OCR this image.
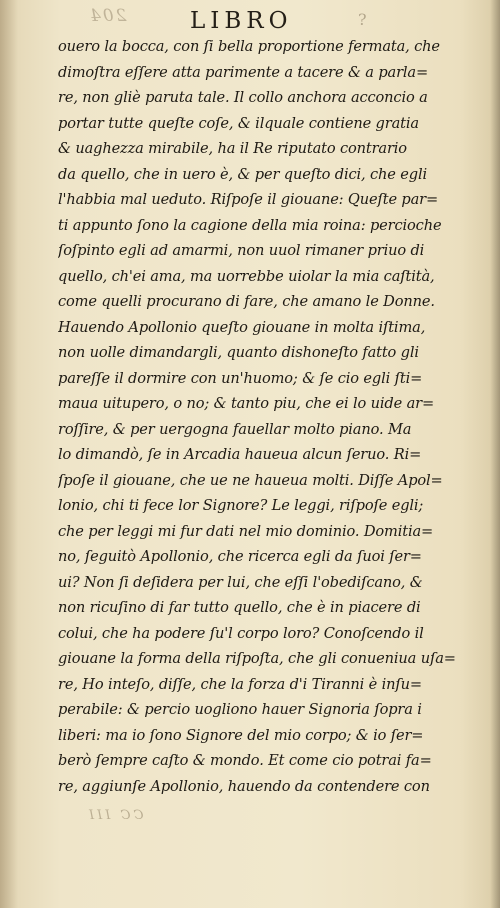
204	LIBRO	?
ouero la bocca, con ſi bella proportione fermata, che
dimoſtra eſſere atta parimente a tacere & a parla=
re, non gliè paruta tale. Il collo anchora acconcio a
portar tutte queſte coſe, & ilquale contiene gratia
& uaghezza mirabile, ha il Re riputato contrario
da quello, che in uero è, & per queſto dici, che egli
l'habbia mal ueduto. Riſpoſe il giouane: Queſte par=
ti appunto ſono la cagione della mia roina: percioche
ſoſpinto egli ad amarmi, non uuol rimaner priuo di
quello, ch'ei ama, ma uorrebbe uiolar la mia caſtità,
come quelli procurano di fare, che amano le Donne.
Hauendo Apollonio queſto giouane in molta iſtima,
non uolle dimandargli, quanto dishoneſto fatto gli
pareſſe il dormire con un'huomo; & ſe cio egli ſti=
maua uitupero, o no; & tanto piu, che ei lo uide ar=
roſſire, & per uergogna fauellar molto piano. Ma
lo dimandò, ſe in Arcadia haueua alcun ſeruo. Ri=
ſpoſe il giouane, che ue ne haueua molti. Diſſe Apol=
lonio, chi ti fece lor Signore? Le leggi, riſpoſe egli;
che per leggi mi fur dati nel mio dominio. Domitia=
no, ſeguitò Apollonio, che ricerca egli da ſuoi ſer=
ui? Non ſi deſidera per lui, che eſſi l'obediſcano, &
non ricuſino di far tutto quello, che è in piacere di
colui, che ha podere ſu'l corpo loro? Conoſcendo il
giouane la forma della riſpoſta, che gli conueniua uſa=
re, Ho inteſo, diſſe, che la forza d'i Tiranni è inſu=
perabile: & percio uogliono hauer Signoria ſopra i
liberi: ma io ſono Signore del mio corpo; & io ſer=
berò ſempre caſto & mondo. Et come cio potrai fa=
re, aggiunſe Apollonio, hauendo da contendere con
CC III
